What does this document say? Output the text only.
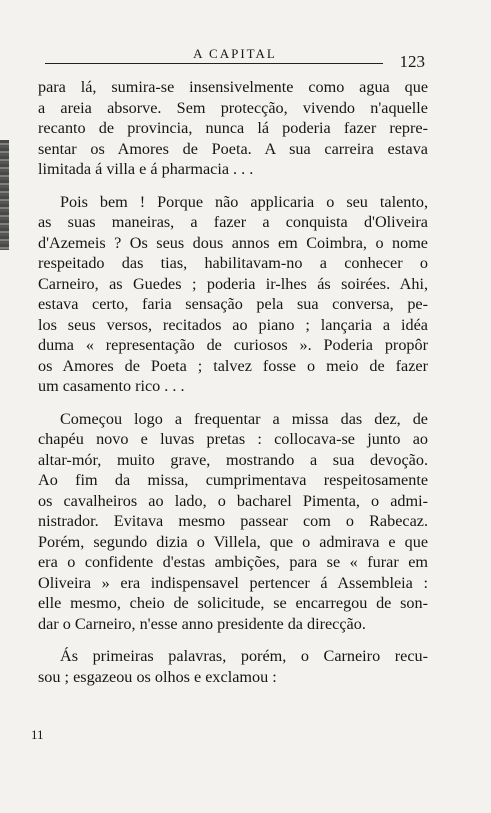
A CAPITAL	123
para lá, sumira-se insensivelmente como agua que
a areia absorve. Sem protecção, vivendo n'aquelle
recanto de provincia, nunca lá poderia fazer repre-
sentar os Amores de Poeta. A sua carreira estava
limitada á villa e á pharmacia . . .
Pois bem ! Porque não applicaria o seu talento,
as suas maneiras, a fazer a conquista d'Oliveira
d'Azemeis ? Os seus dous annos em Coimbra, o nome
respeitado das tias, habilitavam-no a conhecer o
Carneiro, as Guedes ; poderia ir-lhes ás soirées. Ahi,
estava certo, faria sensação pela sua conversa, pe-
los seus versos, recitados ao piano ; lançaria a idéa
duma « representação de curiosos ». Poderia propôr
os Amores de Poeta ; talvez fosse o meio de fazer
um casamento rico . . .
Começou logo a frequentar a missa das dez, de
chapéu novo e luvas pretas : collocava-se junto ao
altar-mór, muito grave, mostrando a sua devoção.
Ao fim da missa, cumprimentava respeitosamente
os cavalheiros ao lado, o bacharel Pimenta, o admi-
nistrador. Evitava mesmo passear com o Rabecaz.
Porém, segundo dizia o Villela, que o admirava e que
era o confidente d'estas ambições, para se « furar em
Oliveira » era indispensavel pertencer á Assembleia :
elle mesmo, cheio de solicitude, se encarregou de son-
dar o Carneiro, n'esse anno presidente da direcção.
Ás primeiras palavras, porém, o Carneiro recu-
sou ; esgazeou os olhos e exclamou :
11
